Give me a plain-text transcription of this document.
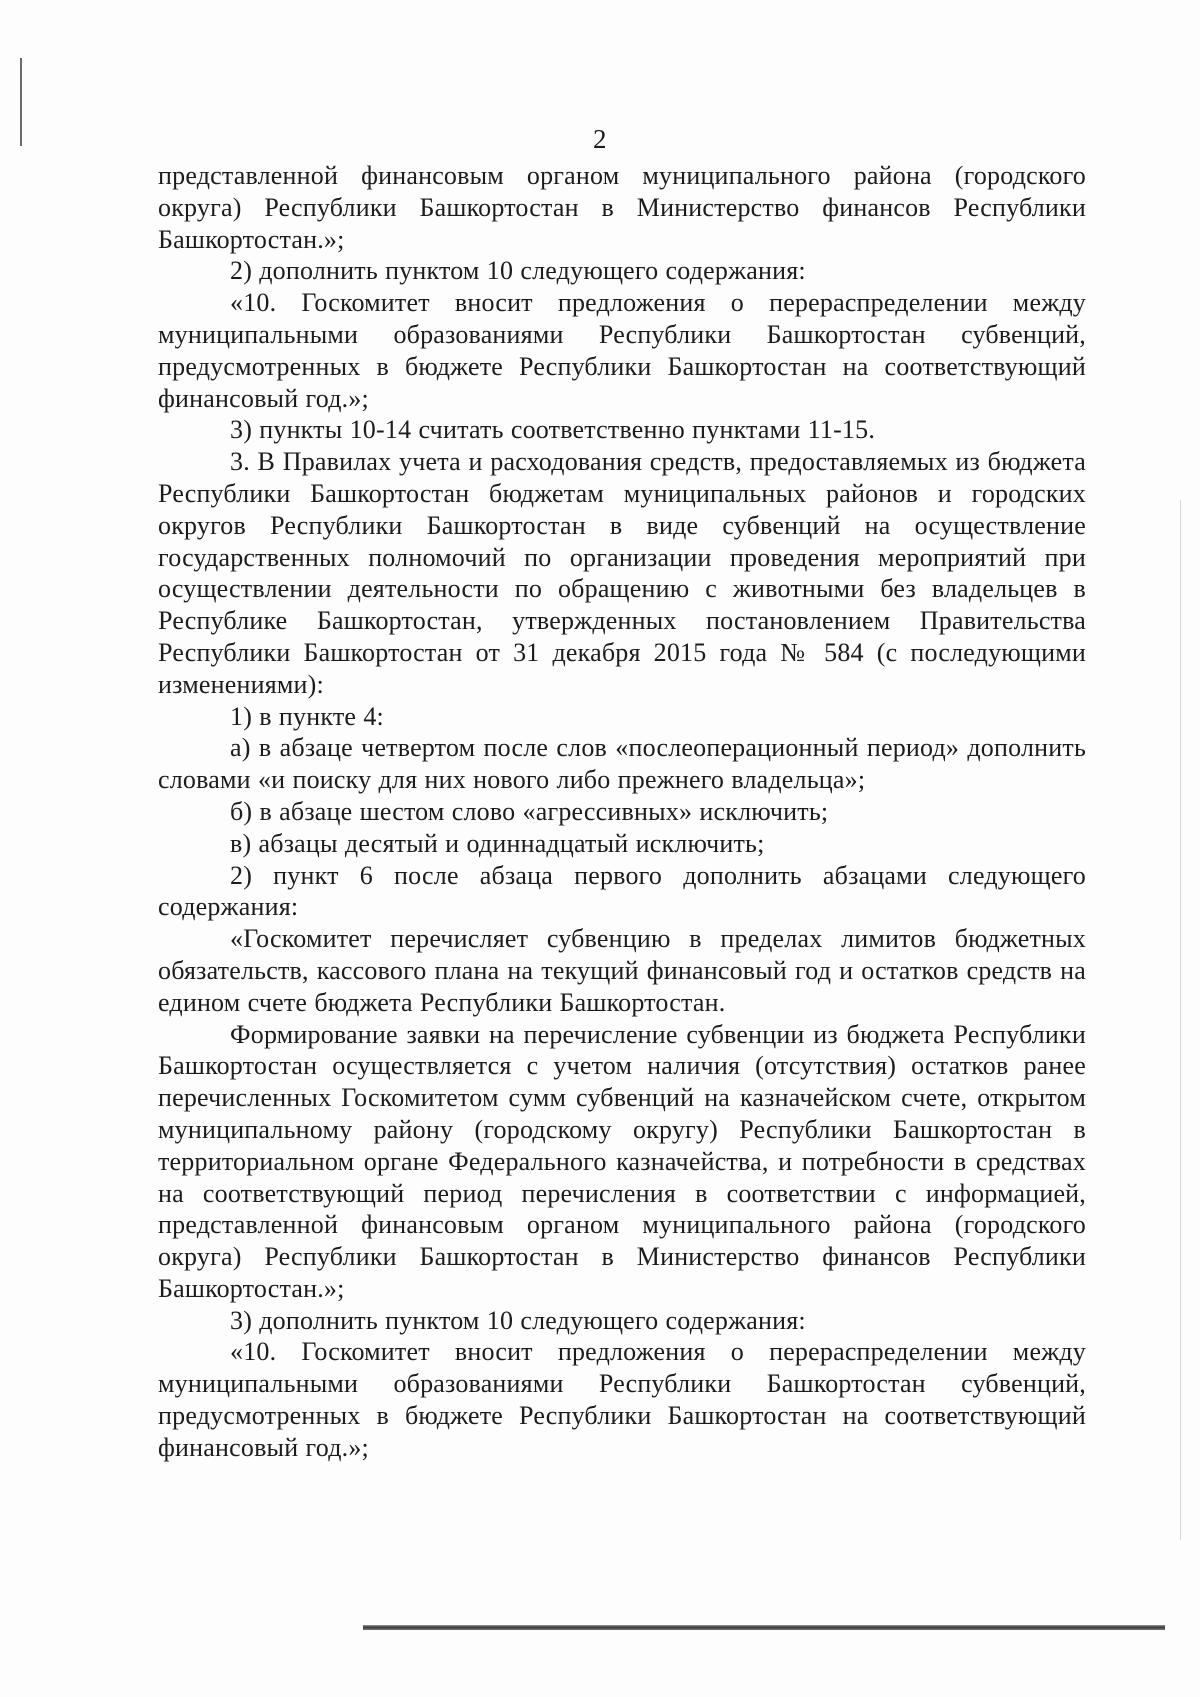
2

представленной финансовым органом муниципального района (городского округа) Республики Башкортостан в Министерство финансов Республики Башкортостан.»;

2) дополнить пунктом 10 следующего содержания:

«10. Госкомитет вносит предложения о перераспределении между муниципальными образованиями Республики Башкортостан субвенций, предусмотренных в бюджете Республики Башкортостан на соответствующий финансовый год.»;

3) пункты 10-14 считать соответственно пунктами 11-15.

3. В Правилах учета и расходования средств, предоставляемых из бюджета Республики Башкортостан бюджетам муниципальных районов и городских округов Республики Башкортостан в виде субвенций на осуществление государственных полномочий по организации проведения мероприятий при осуществлении деятельности по обращению с животными без владельцев в Республике Башкортостан, утвержденных постановлением Правительства Республики Башкортостан от 31 декабря 2015 года № 584 (с последующими изменениями):

1) в пункте 4:

а) в абзаце четвертом после слов «послеоперационный период» дополнить словами «и поиску для них нового либо прежнего владельца»;

б) в абзаце шестом слово «агрессивных» исключить;

в) абзацы десятый и одиннадцатый исключить;

2) пункт 6 после абзаца первого дополнить абзацами следующего содержания:

«Госкомитет перечисляет субвенцию в пределах лимитов бюджетных обязательств, кассового плана на текущий финансовый год и остатков средств на едином счете бюджета Республики Башкортостан.

Формирование заявки на перечисление субвенции из бюджета Республики Башкортостан осуществляется с учетом наличия (отсутствия) остатков ранее перечисленных Госкомитетом сумм субвенций на казначейском счете, открытом муниципальному району (городскому округу) Республики Башкортостан в территориальном органе Федерального казначейства, и потребности в средствах на соответствующий период перечисления в соответствии с информацией, представленной финансовым органом муниципального района (городского округа) Республики Башкортостан в Министерство финансов Республики Башкортостан.»;

3) дополнить пунктом 10 следующего содержания:

«10. Госкомитет вносит предложения о перераспределении между муниципальными образованиями Республики Башкортостан субвенций, предусмотренных в бюджете Республики Башкортостан на соответствующий финансовый год.»;
